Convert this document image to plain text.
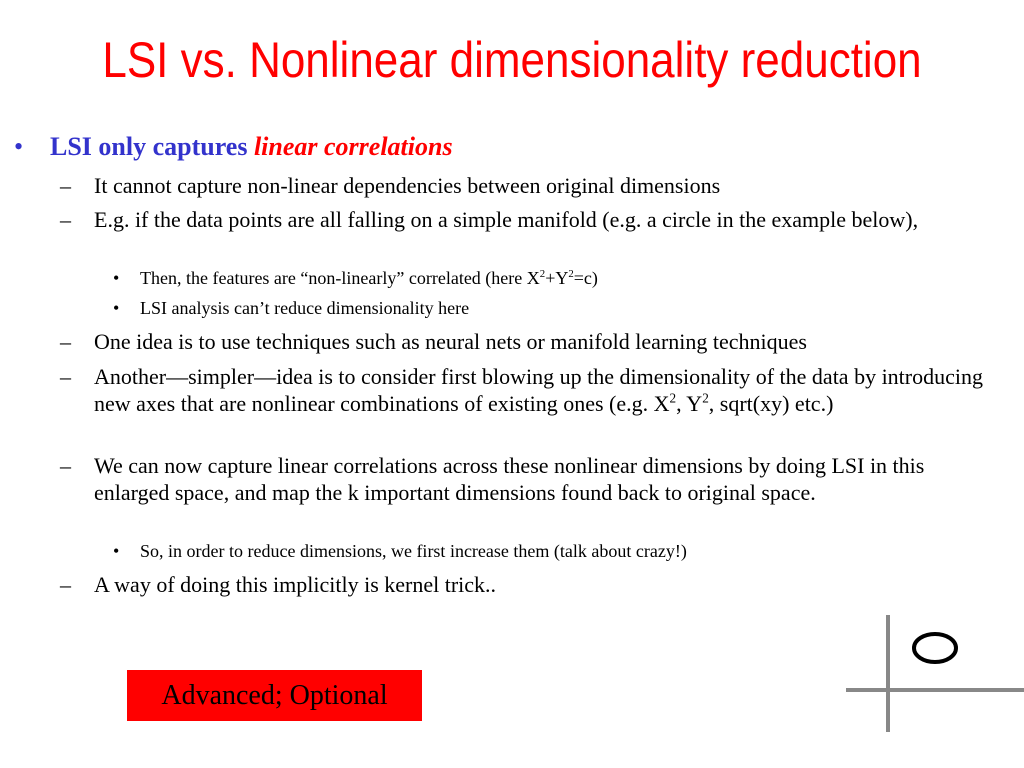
LSI vs. Nonlinear dimensionality reduction
• LSI only captures linear correlations
– It cannot capture non-linear dependencies between original dimensions
– E.g. if the data points are all falling on a simple manifold (e.g. a circle in the example below),
• Then, the features are “non-linearly” correlated (here $X^2+Y^2=c$)
• LSI analysis can’t reduce dimensionality here
– One idea is to use techniques such as neural nets or manifold learning techniques
– Another—simpler—idea is to consider first blowing up the dimensionality of the data by introducing new axes that are nonlinear combinations of existing ones (e.g. $X^2$, $Y^2$, sqrt(xy) etc.)
– We can now capture linear correlations across these nonlinear dimensions by doing LSI in this enlarged space, and map the k important dimensions found back to original space.
• So, in order to reduce dimensions, we first increase them (talk about crazy!)
– A way of doing this implicitly is kernel trick..
Advanced; Optional
